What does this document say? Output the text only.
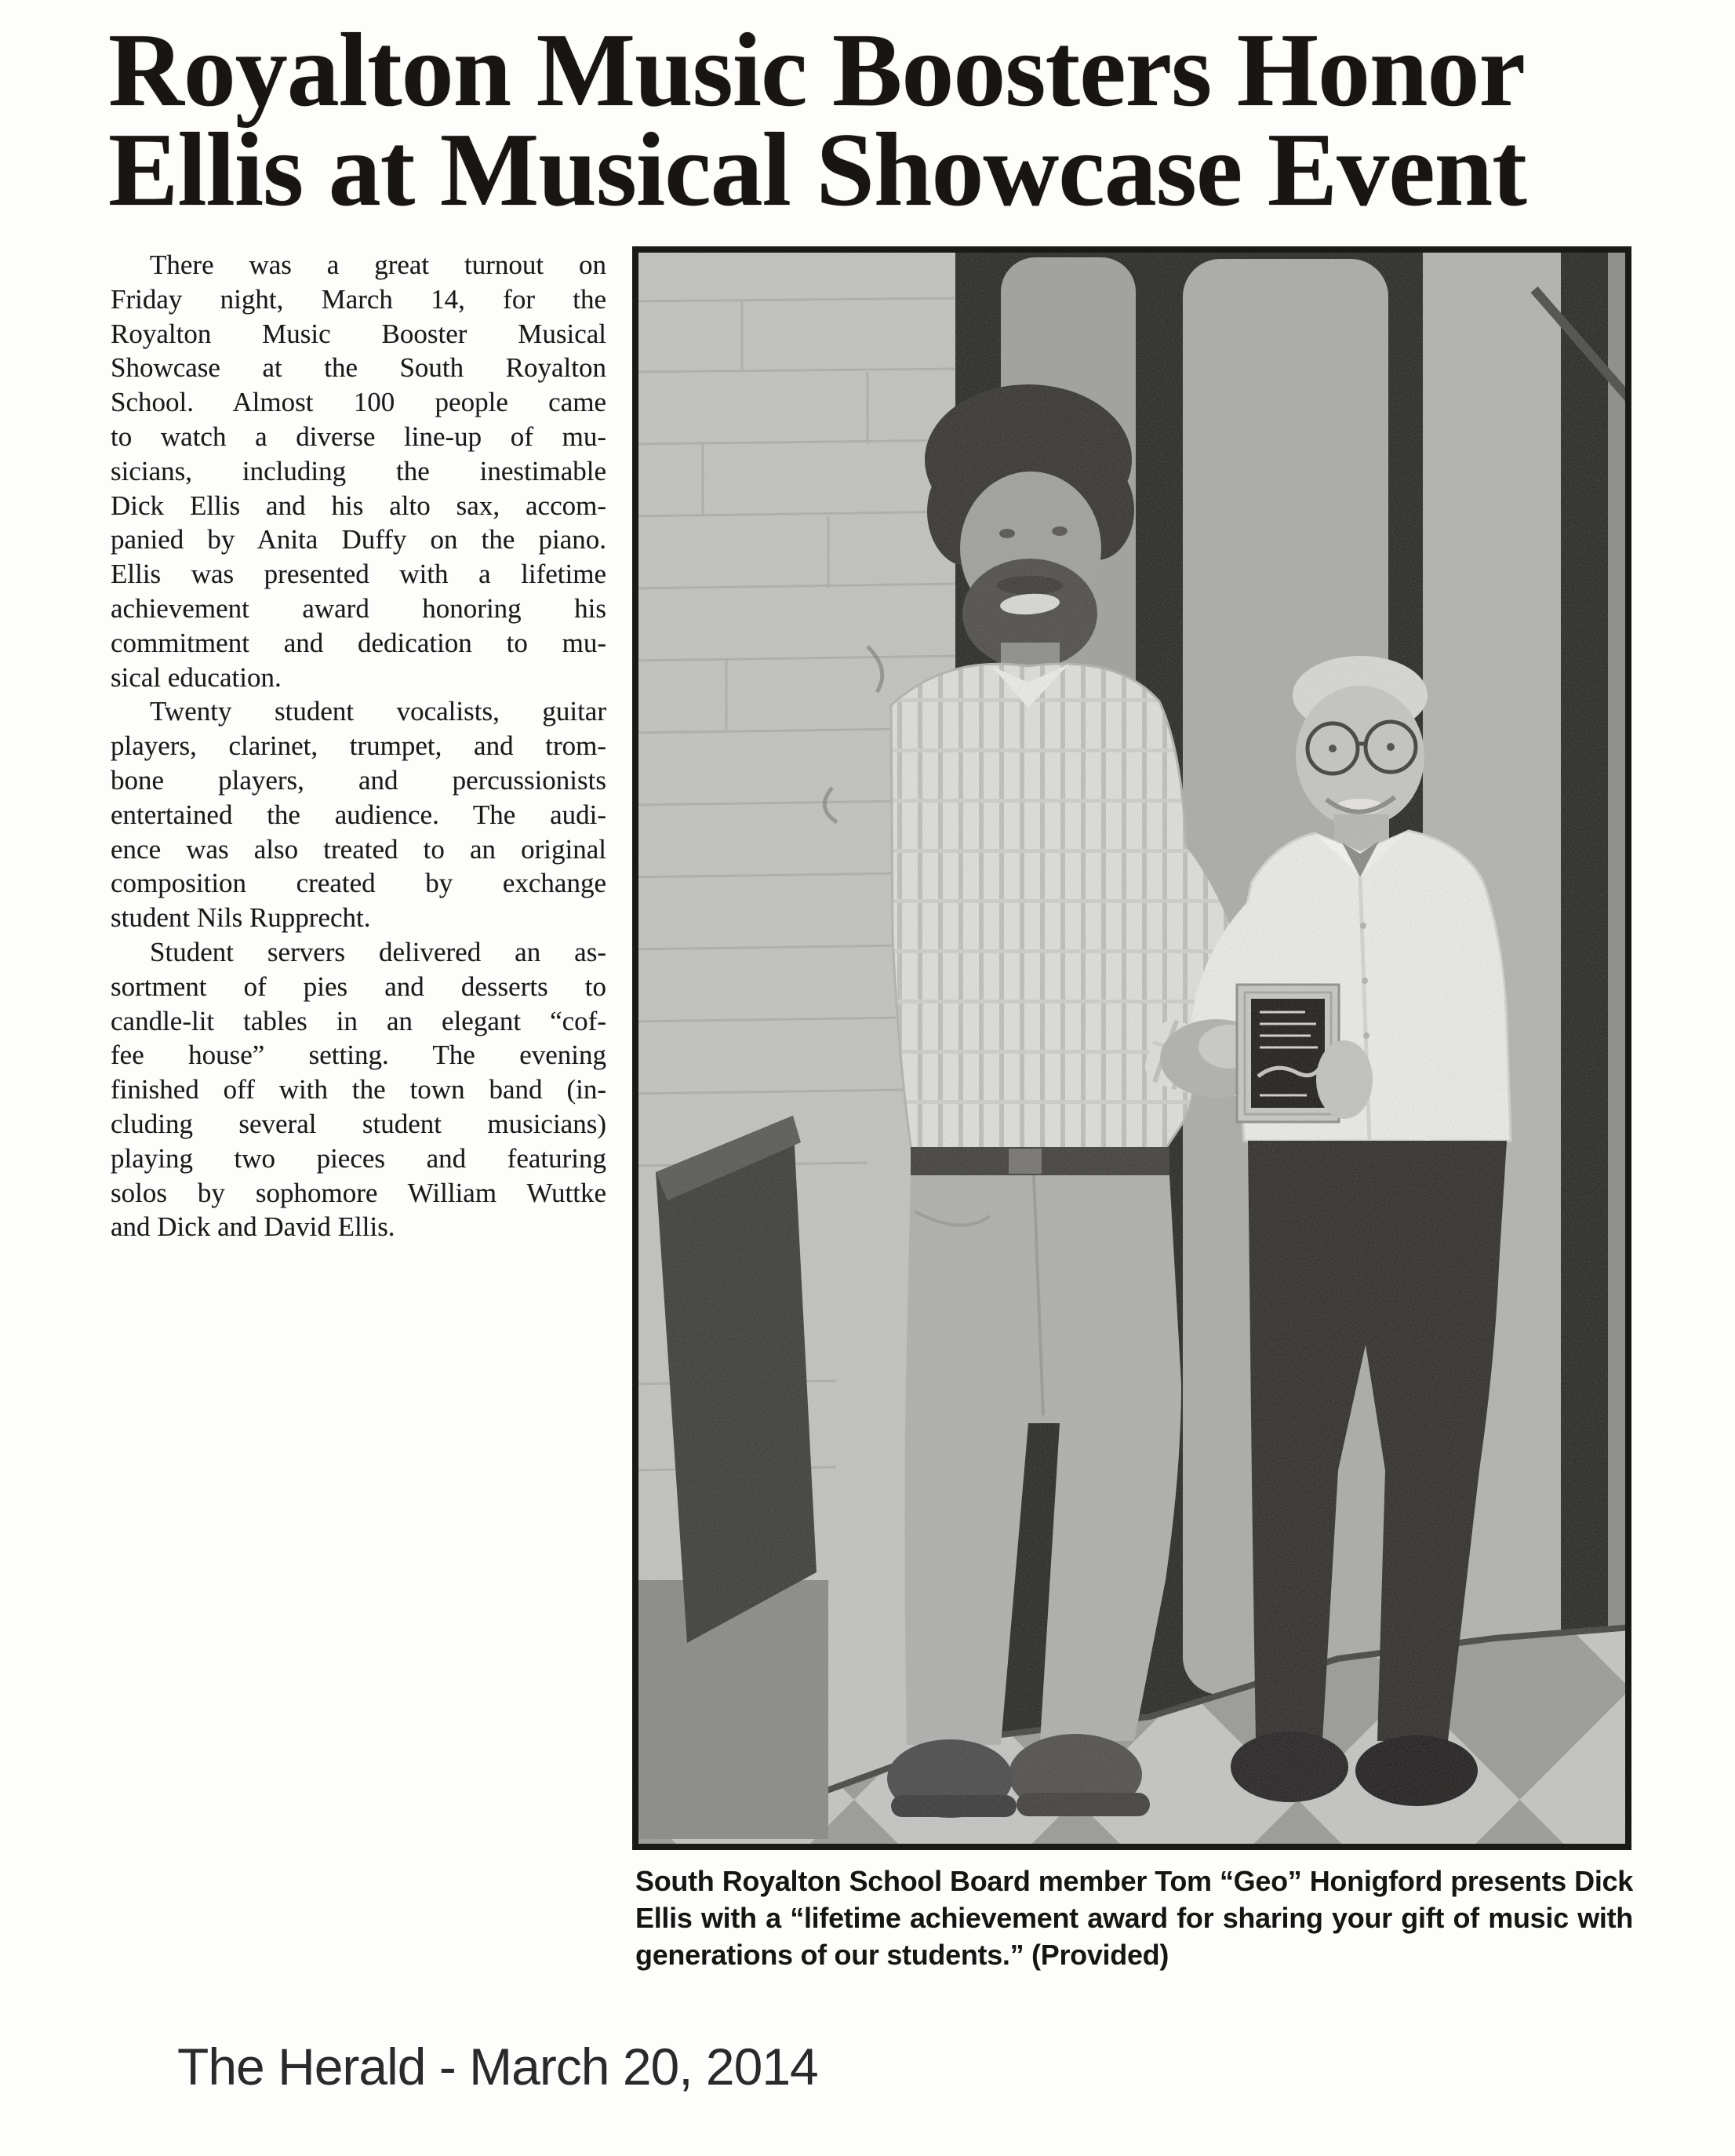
Royalton Music Boosters Honor
Ellis at Musical Showcase Event
There was a great turnout on
Friday night, March 14, for the
Royalton Music Booster Musical
Showcase at the South Royalton
School. Almost 100 people came
to watch a diverse line-up of mu-
sicians, including the inestimable
Dick Ellis and his alto sax, accom-
panied by Anita Duffy on the piano.
Ellis was presented with a lifetime
achievement award honoring his
commitment and dedication to mu-
sical education.
Twenty student vocalists, guitar
players, clarinet, trumpet, and trom-
bone players, and percussionists
entertained the audience. The audi-
ence was also treated to an original
composition created by exchange
student Nils Rupprecht.
Student servers delivered an as-
sortment of pies and desserts to
candle-lit tables in an elegant “cof-
fee house” setting. The evening
finished off with the town band (in-
cluding several student musicians)
playing two pieces and featuring
solos by sophomore William Wuttke
and Dick and David Ellis.
South Royalton School Board member Tom “Geo” Honigford presents Dick
Ellis with a “lifetime achievement award for sharing your gift of music with
generations of our students.” (Provided)
The Herald - March 20, 2014
